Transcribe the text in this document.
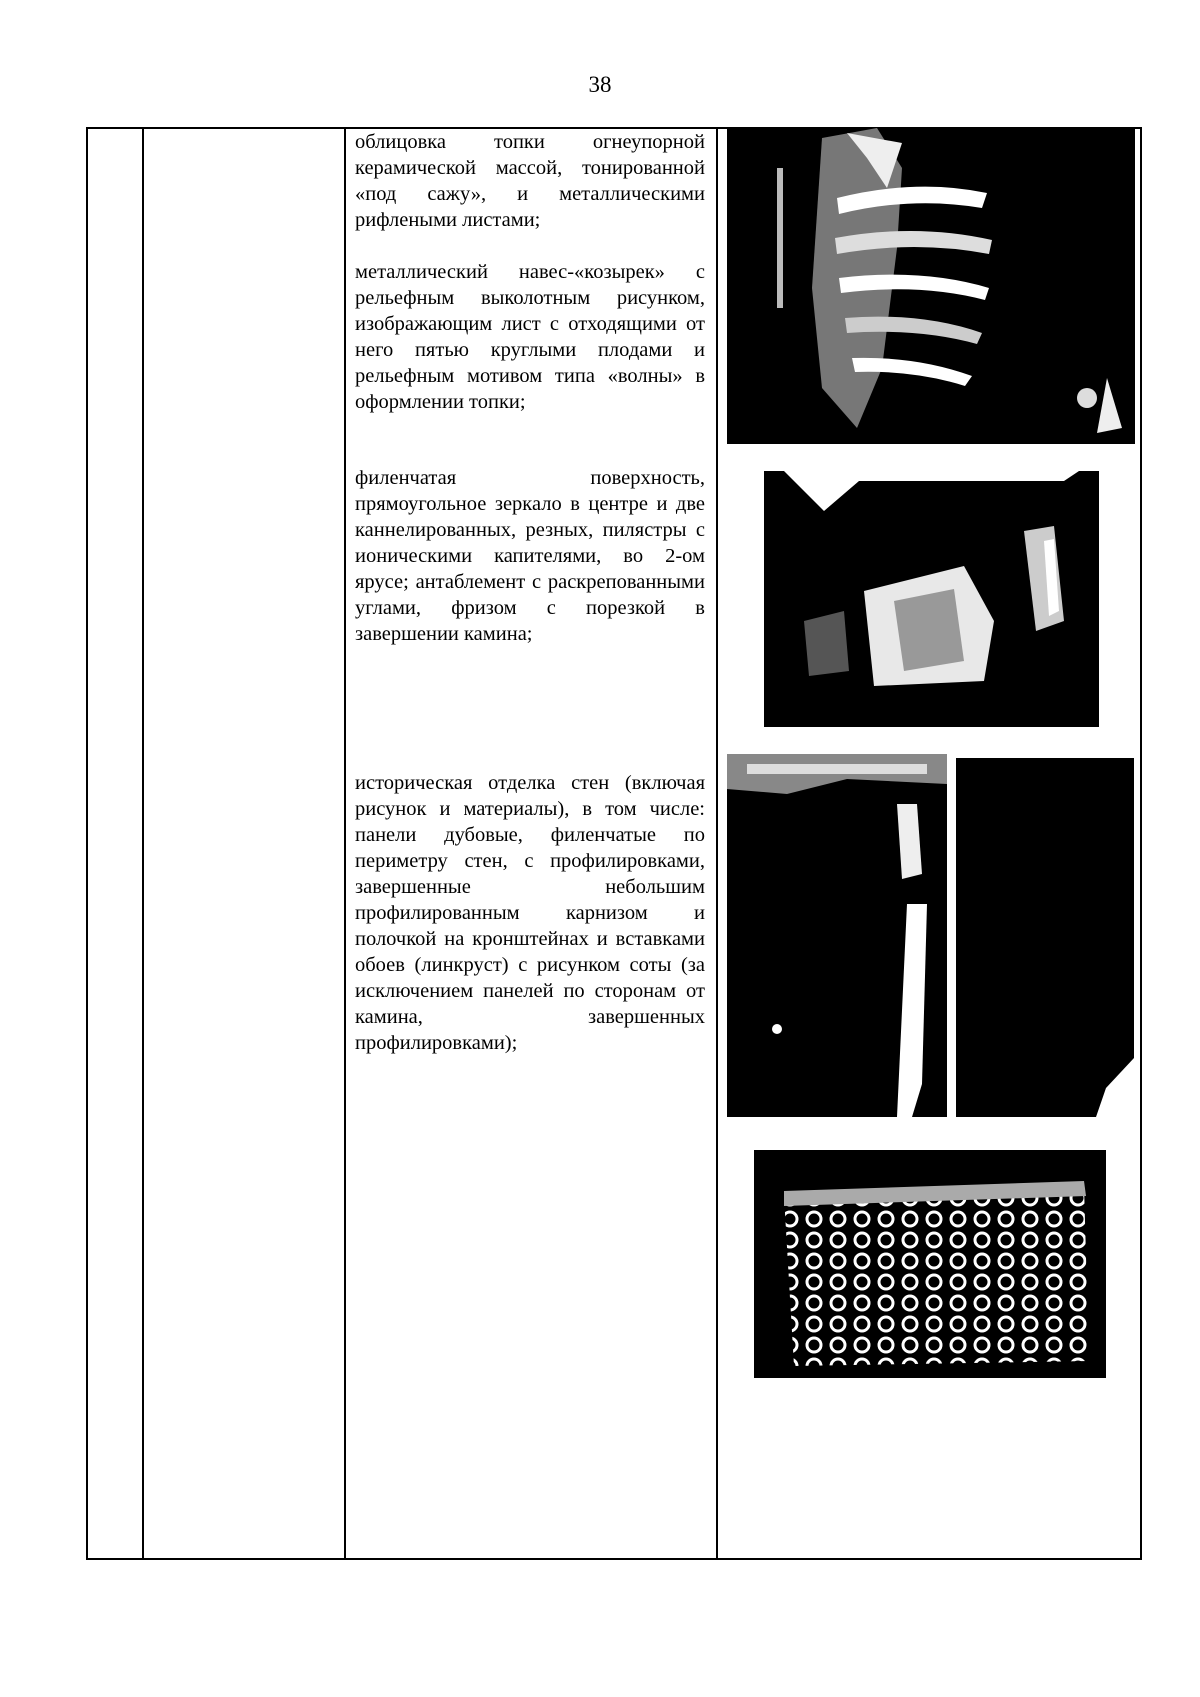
38
облицовка топки огнеупорной керамической массой, тонированной «под сажу», и металлическими рифлеными листами;
металлический навес-«козырек» с рельефным выколотным рисунком, изображающим лист с отходящими от него пятью круглыми плодами и рельефным мотивом типа «волны» в оформлении топки;
филенчатая поверхность, прямоугольное зеркало в центре и две каннелированных, резных, пилястры с ионическими капителями, во 2-ом ярусе; антаблемент с раскрепованными углами, фризом с порезкой в завершении камина;
историческая отделка стен (включая рисунок и материалы), в том числе: панели дубовые, филенчатые по периметру стен, с профилировками, завершенные небольшим профилированным карнизом и полочкой на кронштейнах и вставками обоев (линкруст) с рисунком соты (за исключением панелей по сторонам от камина, завершенных профилировками);
